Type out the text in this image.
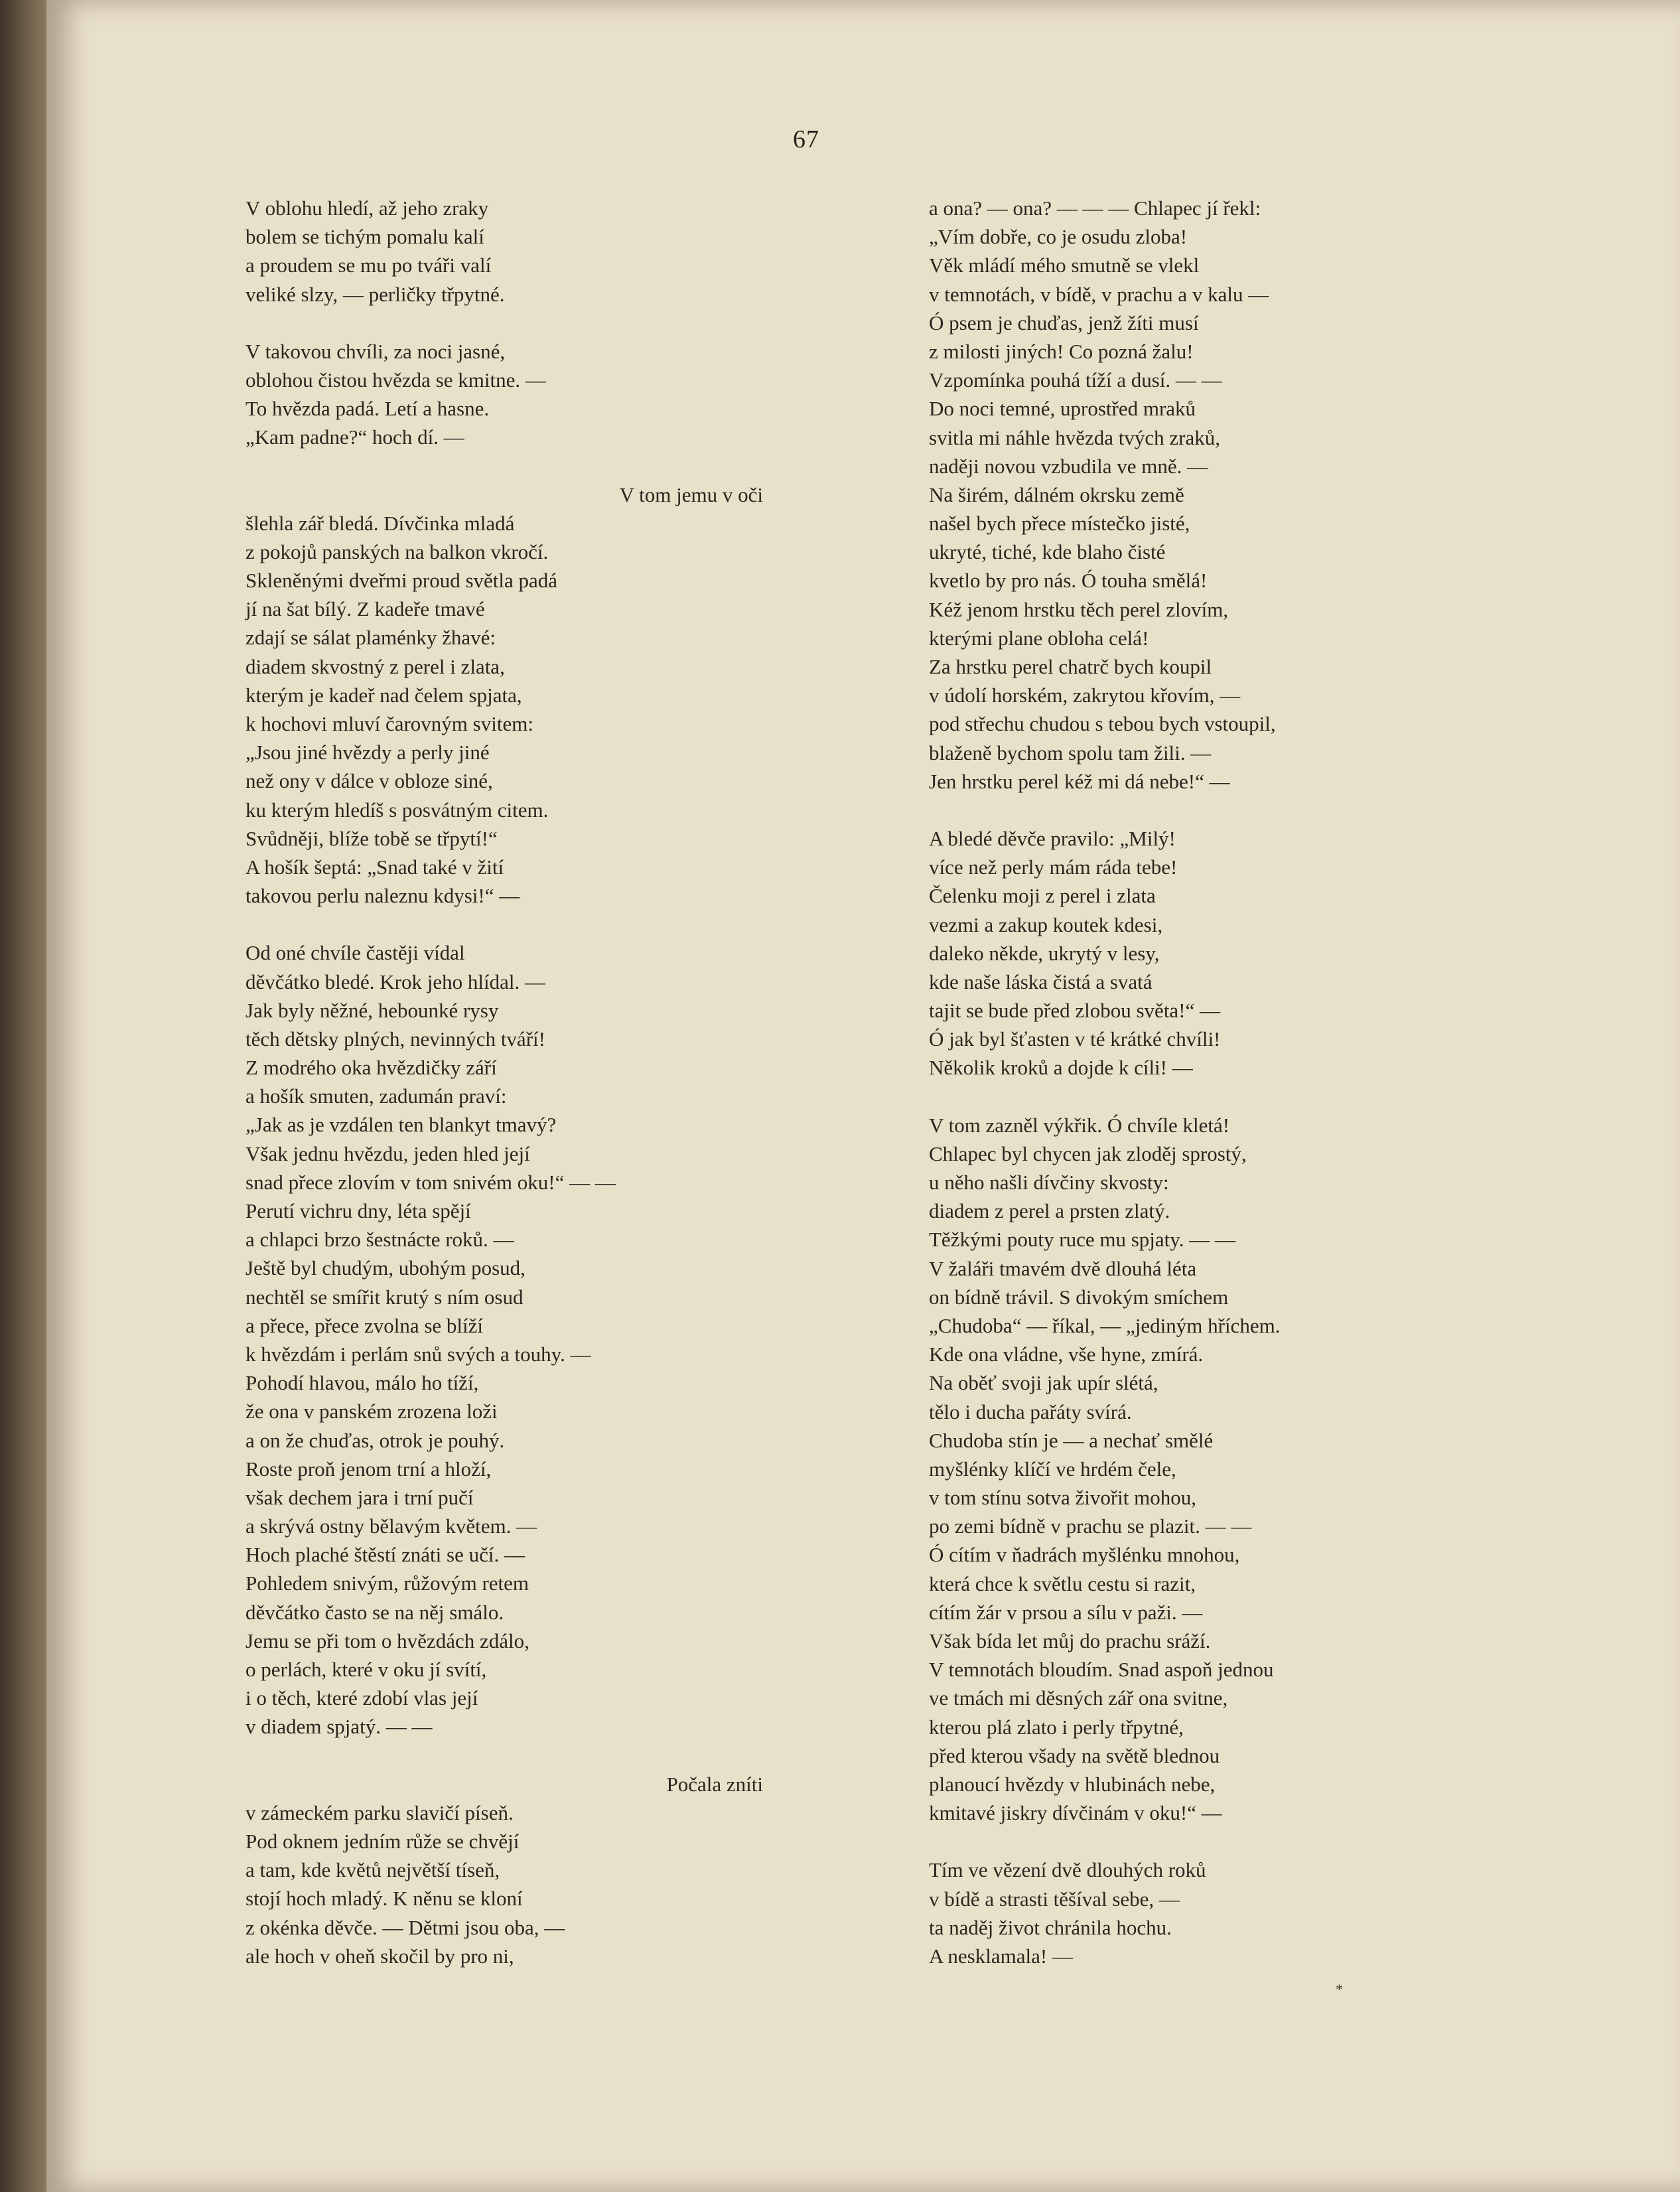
67
V oblohu hledí, až jeho zraky
bolem se tichým pomalu kalí
a proudem se mu po tváři valí
veliké slzy, — perličky třpytné.
V takovou chvíli, za noci jasné,
oblohou čistou hvězda se kmitne. —
To hvězda padá. Letí a hasne.
„Kam padne?“ hoch dí. —
V tom jemu v oči
šlehla zář bledá. Dívčinka mladá
z pokojů panských na balkon vkročí.
Skleněnými dveřmi proud světla padá
jí na šat bílý. Z kadeře tmavé
zdají se sálat plaménky žhavé:
diadem skvostný z perel i zlata,
kterým je kadeř nad čelem spjata,
k hochovi mluví čarovným svitem:
„Jsou jiné hvězdy a perly jiné
než ony v dálce v obloze siné,
ku kterým hledíš s posvátným citem.
Svůdněji, blíže tobě se třpytí!“
A hošík šeptá: „Snad také v žití
takovou perlu naleznu kdysi!“ —
Od oné chvíle častěji vídal
děvčátko bledé. Krok jeho hlídal. —
Jak byly něžné, hebounké rysy
těch dětsky plných, nevinných tváří!
Z modrého oka hvězdičky září
a hošík smuten, zadumán praví:
„Jak as je vzdálen ten blankyt tmavý?
Však jednu hvězdu, jeden hled její
snad přece zlovím v tom snivém oku!“ — —
Perutí vichru dny, léta spějí
a chlapci brzo šestnácte roků. —
Ještě byl chudým, ubohým posud,
nechtěl se smířit krutý s ním osud
a přece, přece zvolna se blíží
k hvězdám i perlám snů svých a touhy. —
Pohodí hlavou, málo ho tíží,
že ona v panském zrozena loži
a on že chuďas, otrok je pouhý.
Roste proň jenom trní a hloží,
však dechem jara i trní pučí
a skrývá ostny bělavým květem. —
Hoch plaché štěstí znáti se učí. —
Pohledem snivým, růžovým retem
děvčátko často se na něj smálo.
Jemu se při tom o hvězdách zdálo,
o perlách, které v oku jí svítí,
i o těch, které zdobí vlas její
v diadem spjatý. — —
Počala zníti
v zámeckém parku slavičí píseň.
Pod oknem jedním růže se chvějí
a tam, kde květů největší tíseň,
stojí hoch mladý. K něnu se kloní
z okénka děvče. — Dětmi jsou oba, —
ale hoch v oheň skočil by pro ni,
a ona? — ona? — — — Chlapec jí řekl:
„Vím dobře, co je osudu zloba!
Věk mládí mého smutně se vlekl
v temnotách, v bídě, v prachu a v kalu —
Ó psem je chuďas, jenž žíti musí
z milosti jiných! Co pozná žalu!
Vzpomínka pouhá tíží a dusí. — —
Do noci temné, uprostřed mraků
svitla mi náhle hvězda tvých zraků,
naději novou vzbudila ve mně. —
Na širém, dálném okrsku země
našel bych přece místečko jisté,
ukryté, tiché, kde blaho čisté
kvetlo by pro nás. Ó touha smělá!
Kéž jenom hrstku těch perel zlovím,
kterými plane obloha celá!
Za hrstku perel chatrč bych koupil
v údolí horském, zakrytou křovím, —
pod střechu chudou s tebou bych vstoupil,
blaženě bychom spolu tam žili. —
Jen hrstku perel kéž mi dá nebe!“ —
A bledé děvče pravilo: „Milý!
více než perly mám ráda tebe!
Čelenku moji z perel i zlata
vezmi a zakup koutek kdesi,
daleko někde, ukrytý v lesy,
kde naše láska čistá a svatá
tajit se bude před zlobou světa!“ —
Ó jak byl šťasten v té krátké chvíli!
Několik kroků a dojde k cíli! —
V tom zazněl výkřik. Ó chvíle kletá!
Chlapec byl chycen jak zloděj sprostý,
u něho našli dívčiny skvosty:
diadem z perel a prsten zlatý.
Těžkými pouty ruce mu spjaty. — —
V žaláři tmavém dvě dlouhá léta
on bídně trávil. S divokým smíchem
„Chudoba“ — říkal, — „jediným hříchem.
Kde ona vládne, vše hyne, zmírá.
Na oběť svoji jak upír slétá,
tělo i ducha pařáty svírá.
Chudoba stín je — a nechať smělé
myšlénky klíčí ve hrdém čele,
v tom stínu sotva živořit mohou,
po zemi bídně v prachu se plazit. — —
Ó cítím v ňadrách myšlénku mnohou,
která chce k světlu cestu si razit,
cítím žár v prsou a sílu v paži. —
Však bída let můj do prachu sráží.
V temnotách bloudím. Snad aspoň jednou
ve tmách mi děsných zář ona svitne,
kterou plá zlato i perly třpytné,
před kterou všady na světě blednou
planoucí hvězdy v hlubinách nebe,
kmitavé jiskry dívčinám v oku!“ —
Tím ve vězení dvě dlouhých roků
v bídě a strasti těšíval sebe, —
ta naděj život chránila hochu.
A nesklamala! —
*
